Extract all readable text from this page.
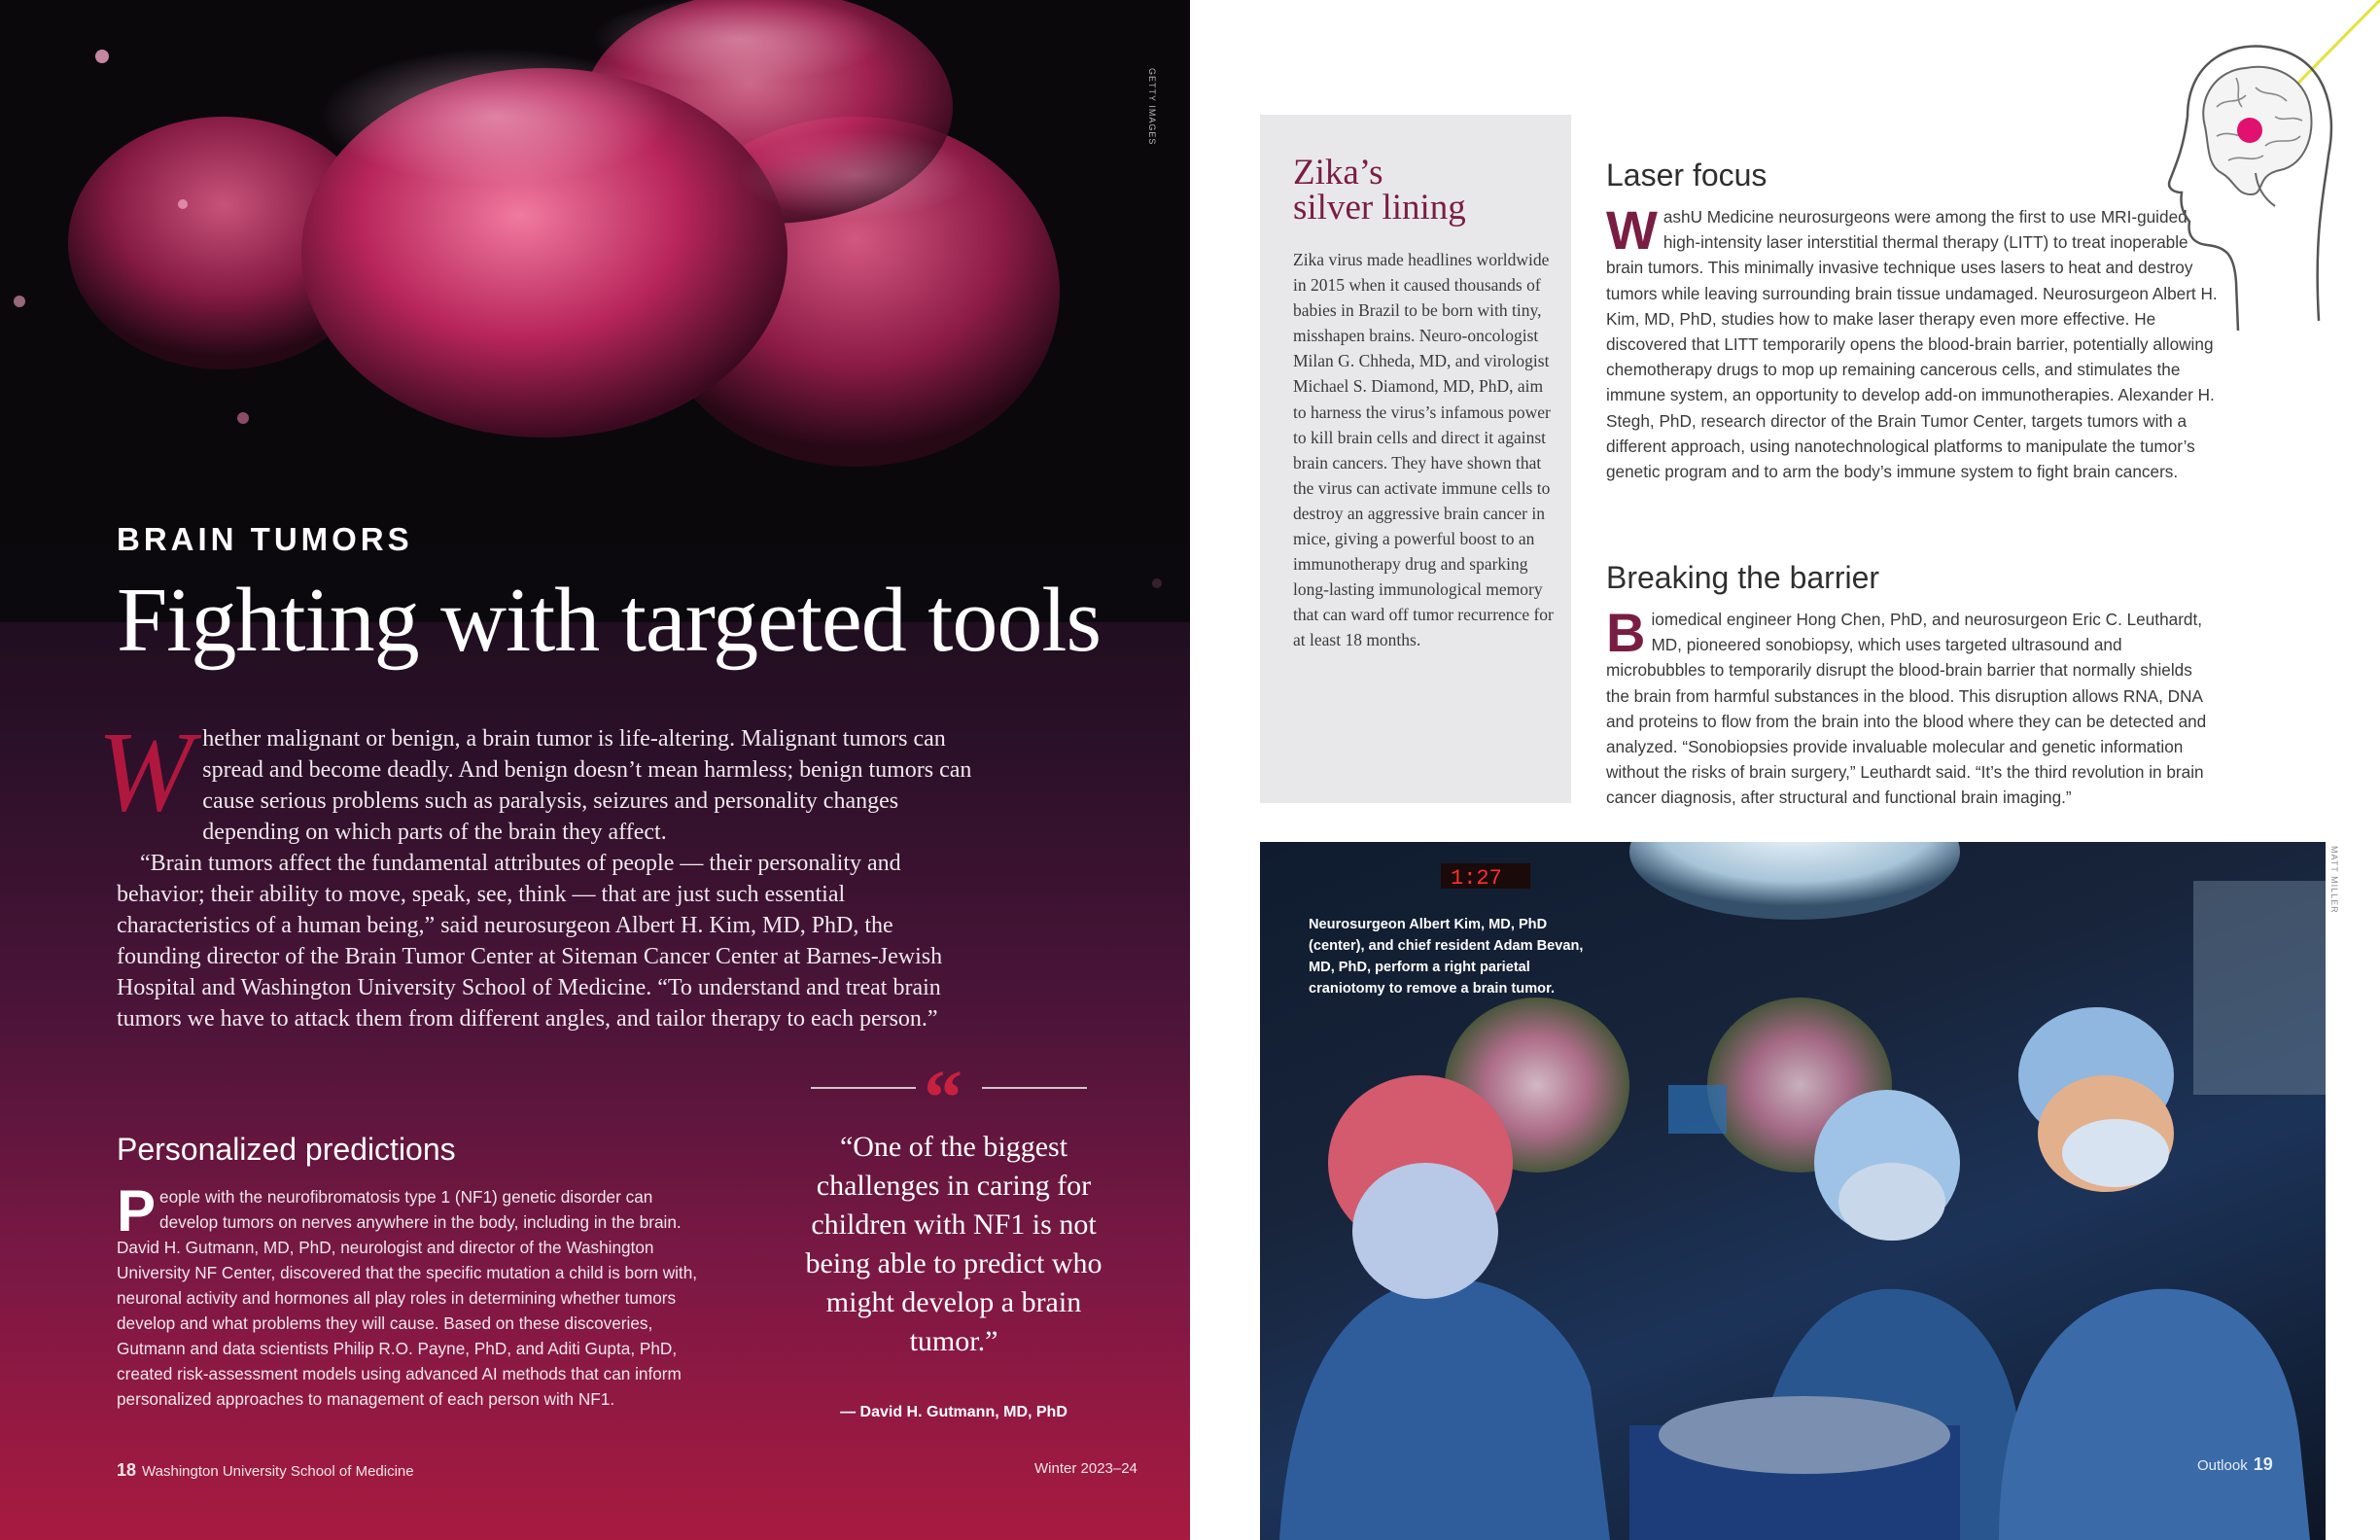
GETTY IMAGES
BRAIN TUMORS
Fighting with targeted tools

W hether malignant or benign, a brain tumor is life-altering. Malignant tumors can spread and become deadly. And benign doesn’t mean harmless; benign tumors can cause serious problems such as paralysis, seizures and personality changes depending on which parts of the brain they affect.

“Brain tumors affect the fundamental attributes of people — their personality and behavior; their ability to move, speak, see, think — that are just such essential characteristics of a human being,” said neurosurgeon Albert H. Kim, MD, PhD, the founding director of the Brain Tumor Center at Siteman Cancer Center at Barnes-Jewish Hospital and Washington University School of Medicine. “To understand and treat brain tumors we have to attack them from different angles, and tailor therapy to each person.”

Personalized predictions
P eople with the neurofibromatosis type 1 (NF1) genetic disorder can develop tumors on nerves anywhere in the body, including in the brain. David H. Gutmann, MD, PhD, neurologist and director of the Washington University NF Center, discovered that the specific mutation a child is born with, neuronal activity and hormones all play roles in determining whether tumors develop and what problems they will cause. Based on these discoveries, Gutmann and data scientists Philip R.O. Payne, PhD, and Aditi Gupta, PhD, created risk-assessment models using advanced AI methods that can inform personalized approaches to management of each person with NF1.
“
“One of the biggest challenges in caring for children with NF1 is not being able to predict who might develop a brain tumor.”
— David H. Gutmann, MD, PhD
18 Washington University School of Medicine	Winter 2023–24
Zika’s
silver lining
Zika virus made headlines worldwide in 2015 when it caused thousands of babies in Brazil to be born with tiny, misshapen brains. Neuro-oncologist Milan G. Chheda, MD, and virologist Michael S. Diamond, MD, PhD, aim to harness the virus’s infamous power to kill brain cells and direct it against brain cancers. They have shown that the virus can activate immune cells to destroy an aggressive brain cancer in mice, giving a powerful boost to an immunotherapy drug and sparking long-lasting immunological memory that can ward off tumor recurrence for at least 18 months.
Laser focus
W ashU Medicine neurosurgeons were among the first to use MRI-guided, high-intensity laser interstitial thermal therapy (LITT) to treat inoperable brain tumors. This minimally invasive technique uses lasers to heat and destroy tumors while leaving surrounding brain tissue undamaged. Neurosurgeon Albert H. Kim, MD, PhD, studies how to make laser therapy even more effective. He discovered that LITT temporarily opens the blood-brain barrier, potentially allowing chemotherapy drugs to mop up remaining cancerous cells, and stimulates the immune system, an opportunity to develop add-on immunotherapies. Alexander H. Stegh, PhD, research director of the Brain Tumor Center, targets tumors with a different approach, using nanotechnological platforms to manipulate the tumor’s genetic program and to arm the body’s immune system to fight brain cancers.
Breaking the barrier
B iomedical engineer Hong Chen, PhD, and neurosurgeon Eric C. Leuthardt, MD, pioneered sonobiopsy, which uses targeted ultrasound and microbubbles to temporarily disrupt the blood-brain barrier that normally shields the brain from harmful substances in the blood. This disruption allows RNA, DNA and proteins to flow from the brain into the blood where they can be detected and analyzed. “Sonobiopsies provide invaluable molecular and genetic information without the risks of brain surgery,” Leuthardt said. “It’s the third revolution in brain cancer diagnosis, after structural and functional brain imaging.”
1:27
Neurosurgeon Albert Kim, MD, PhD (center), and chief resident Adam Bevan, MD, PhD, perform a right parietal craniotomy to remove a brain tumor.
MATT MILLER
Outlook 19
